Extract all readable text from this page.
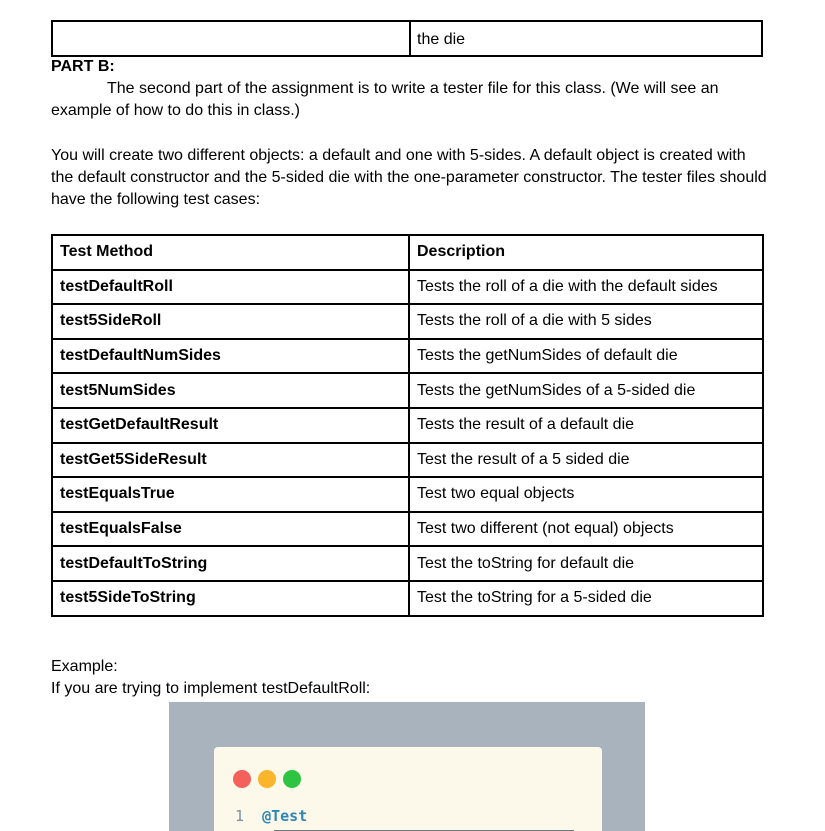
the die

PART B:

The second part of the assignment is to write a tester file for this class. (We will see an example of how to do this in class.)

You will create two different objects: a default and one with 5-sides. A default object is created with the default constructor and the 5-sided die with the one-parameter constructor. The tester files should have the following test cases:

Test Method	Description
testDefaultRoll	Tests the roll of a die with the default sides
test5SideRoll	Tests the roll of a die with 5 sides
testDefaultNumSides	Tests the getNumSides of default die
test5NumSides	Tests the getNumSides of a 5-sided die
testGetDefaultResult	Tests the result of a default die
testGet5SideResult	Test the result of a 5 sided die
testEqualsTrue	Test two equal objects
testEqualsFalse	Test two different (not equal) objects
testDefaultToString	Test the toString for default die
test5SideToString	Test the toString for a 5-sided die

Example:

If you are trying to implement testDefaultRoll:

1 @Test
